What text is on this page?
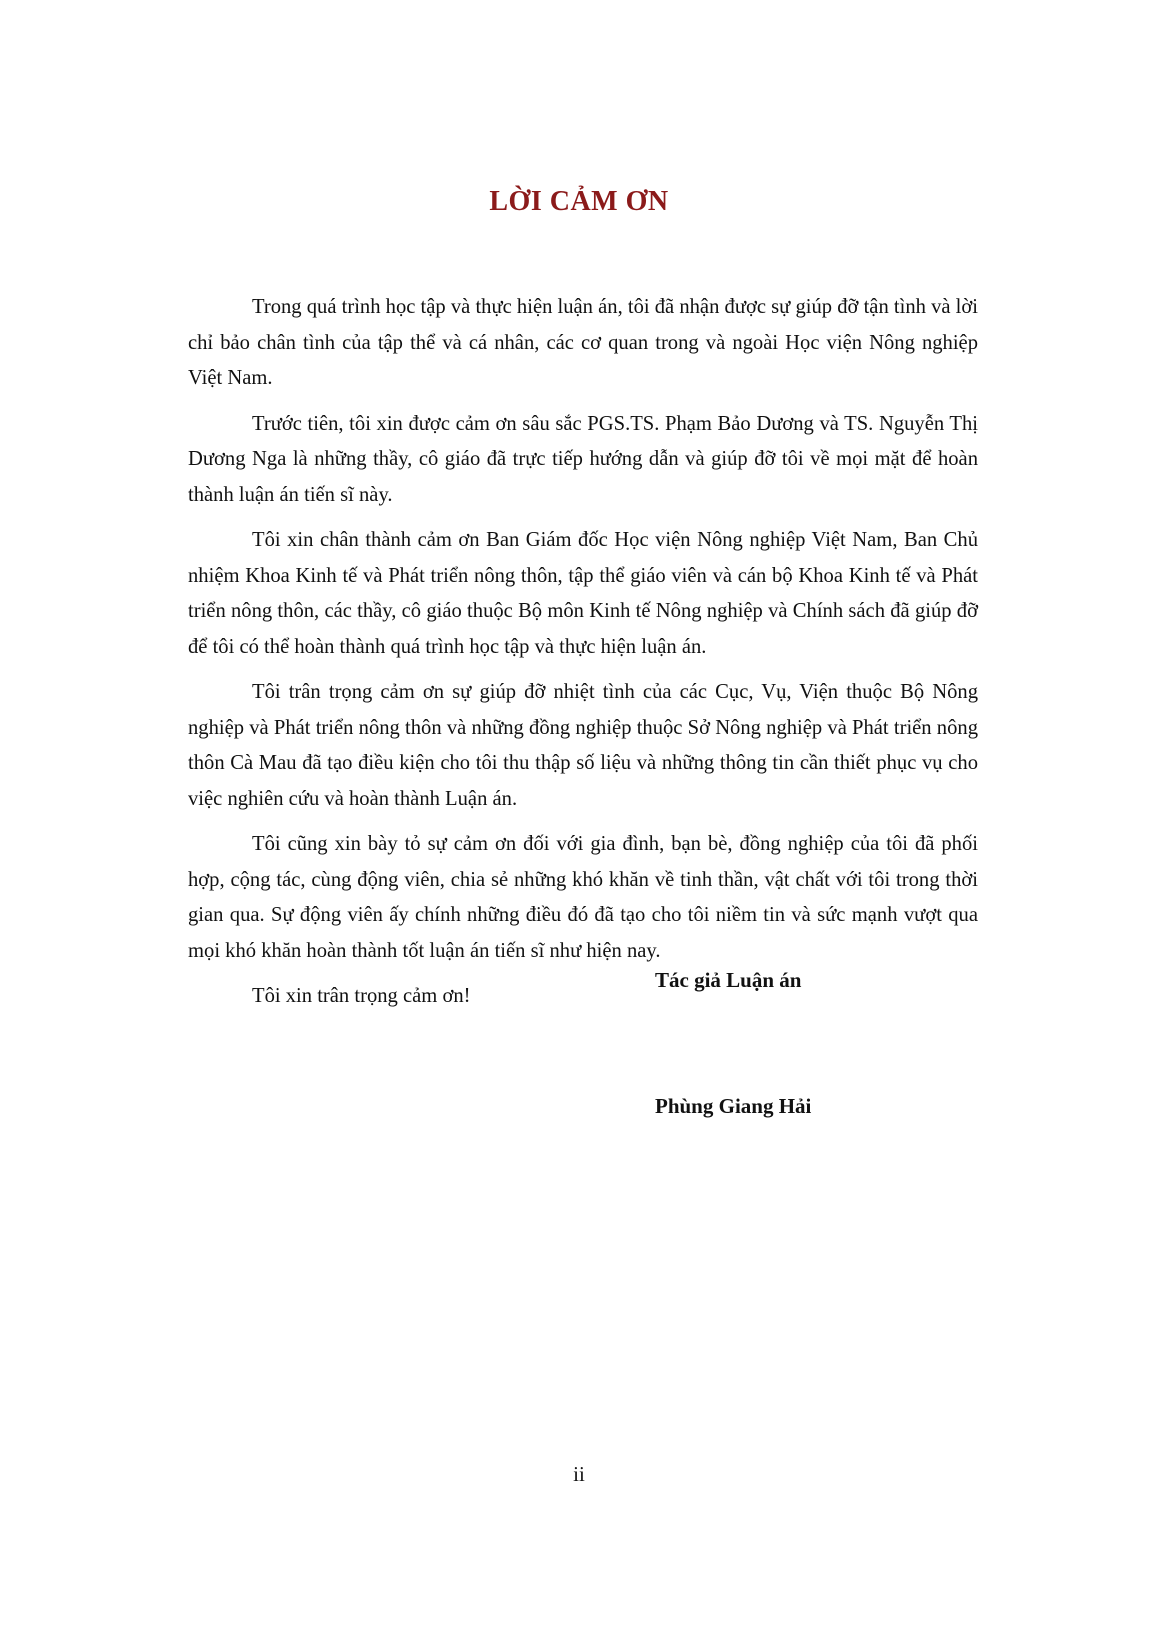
LỜI CẢM ƠN

Trong quá trình học tập và thực hiện luận án, tôi đã nhận được sự giúp đỡ tận tình và lời chỉ bảo chân tình của tập thể và cá nhân, các cơ quan trong và ngoài Học viện Nông nghiệp Việt Nam.

Trước tiên, tôi xin được cảm ơn sâu sắc PGS.TS. Phạm Bảo Dương và TS. Nguyễn Thị Dương Nga là những thầy, cô giáo đã trực tiếp hướng dẫn và giúp đỡ tôi về mọi mặt để hoàn thành luận án tiến sĩ này.

Tôi xin chân thành cảm ơn Ban Giám đốc Học viện Nông nghiệp Việt Nam, Ban Chủ nhiệm Khoa Kinh tế và Phát triển nông thôn, tập thể giáo viên và cán bộ Khoa Kinh tế và Phát triển nông thôn, các thầy, cô giáo thuộc Bộ môn Kinh tế Nông nghiệp và Chính sách đã giúp đỡ để tôi có thể hoàn thành quá trình học tập và thực hiện luận án.

Tôi trân trọng cảm ơn sự giúp đỡ nhiệt tình của các Cục, Vụ, Viện thuộc Bộ Nông nghiệp và Phát triển nông thôn và những đồng nghiệp thuộc Sở Nông nghiệp và Phát triển nông thôn Cà Mau đã tạo điều kiện cho tôi thu thập số liệu và những thông tin cần thiết phục vụ cho việc nghiên cứu và hoàn thành Luận án.

Tôi cũng xin bày tỏ sự cảm ơn đối với gia đình, bạn bè, đồng nghiệp của tôi đã phối hợp, cộng tác, cùng động viên, chia sẻ những khó khăn về tinh thần, vật chất với tôi trong thời gian qua. Sự động viên ấy chính những điều đó đã tạo cho tôi niềm tin và sức mạnh vượt qua mọi khó khăn hoàn thành tốt luận án tiến sĩ như hiện nay.

Tôi xin trân trọng cảm ơn!

Tác giả Luận án

Phùng Giang Hải

ii
